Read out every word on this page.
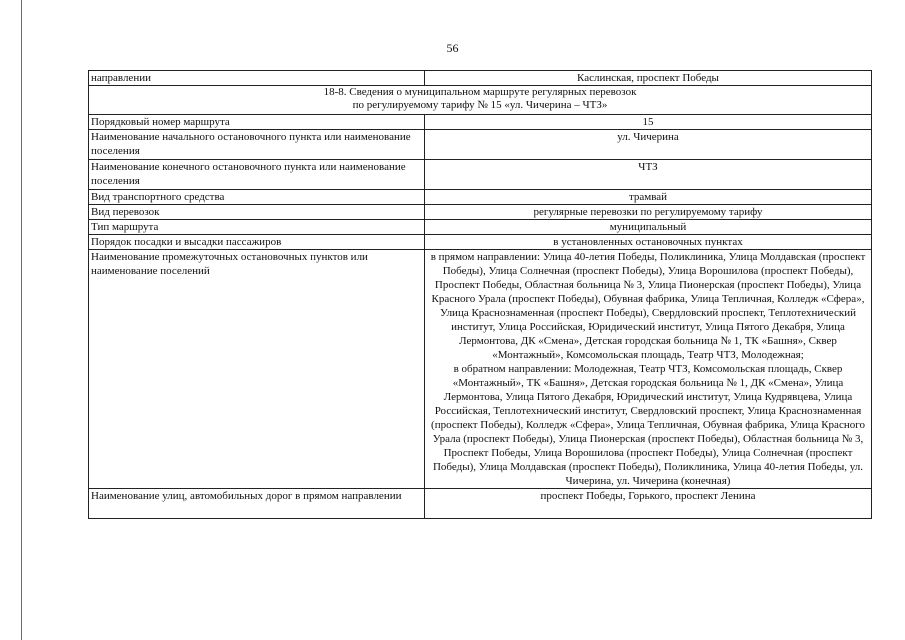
56
направлении	Каслинская, проспект Победы

18-8. Сведения о муниципальном маршруте регулярных перевозок
по регулируемому тарифу № 15 «ул. Чичерина – ЧТЗ»	

Порядковый номер маршрута	15
Наименование начального остановочного пункта или наименование поселения	ул. Чичерина
Наименование конечного остановочного пункта или наименование поселения	ЧТЗ
Вид транспортного средства	трамвай
Вид перевозок	регулярные перевозки по регулируемому тарифу
Тип маршрута	муниципальный
Порядок посадки и высадки пассажиров	в установленных остановочных пунктах
Наименование промежуточных остановочных пунктов или наименование поселений	в прямом направлении: Улица 40-летия Победы, Поликлиника, Улица Молдавская (проспект Победы), Улица Солнечная (проспект Победы), Улица Ворошилова (проспект Победы), Проспект Победы, Областная больница № 3, Улица Пионерская (проспект Победы), Улица Красного Урала (проспект Победы), Обувная фабрика, Улица Тепличная, Колледж «Сфера», Улица Краснознаменная (проспект Победы), Свердловский проспект, Теплотехнический институт, Улица Российская, Юридический институт, Улица Пятого Декабря, Улица Лермонтова, ДК «Смена», Детская городская больница № 1, ТК «Башня», Сквер «Монтажный», Комсомольская площадь, Театр ЧТЗ, Молодежная;
в обратном направлении: Молодежная, Театр ЧТЗ, Комсомольская площадь, Сквер «Монтажный», ТК «Башня», Детская городская больница № 1, ДК «Смена», Улица Лермонтова, Улица Пятого Декабря, Юридический институт, Улица Кудрявцева, Улица Российская, Теплотехнический институт, Свердловский проспект, Улица Краснознаменная (проспект Победы), Колледж «Сфера», Улица Тепличная, Обувная фабрика, Улица Красного Урала (проспект Победы), Улица Пионерская (проспект Победы), Областная больница № 3, Проспект Победы, Улица Ворошилова (проспект Победы), Улица Солнечная (проспект Победы), Улица Молдавская (проспект Победы), Поликлиника, Улица 40-летия Победы, ул. Чичерина, ул. Чичерина (конечная)

Наименование улиц, автомобильных дорог в прямом направлении	проспект Победы, Горького, проспект Ленина
